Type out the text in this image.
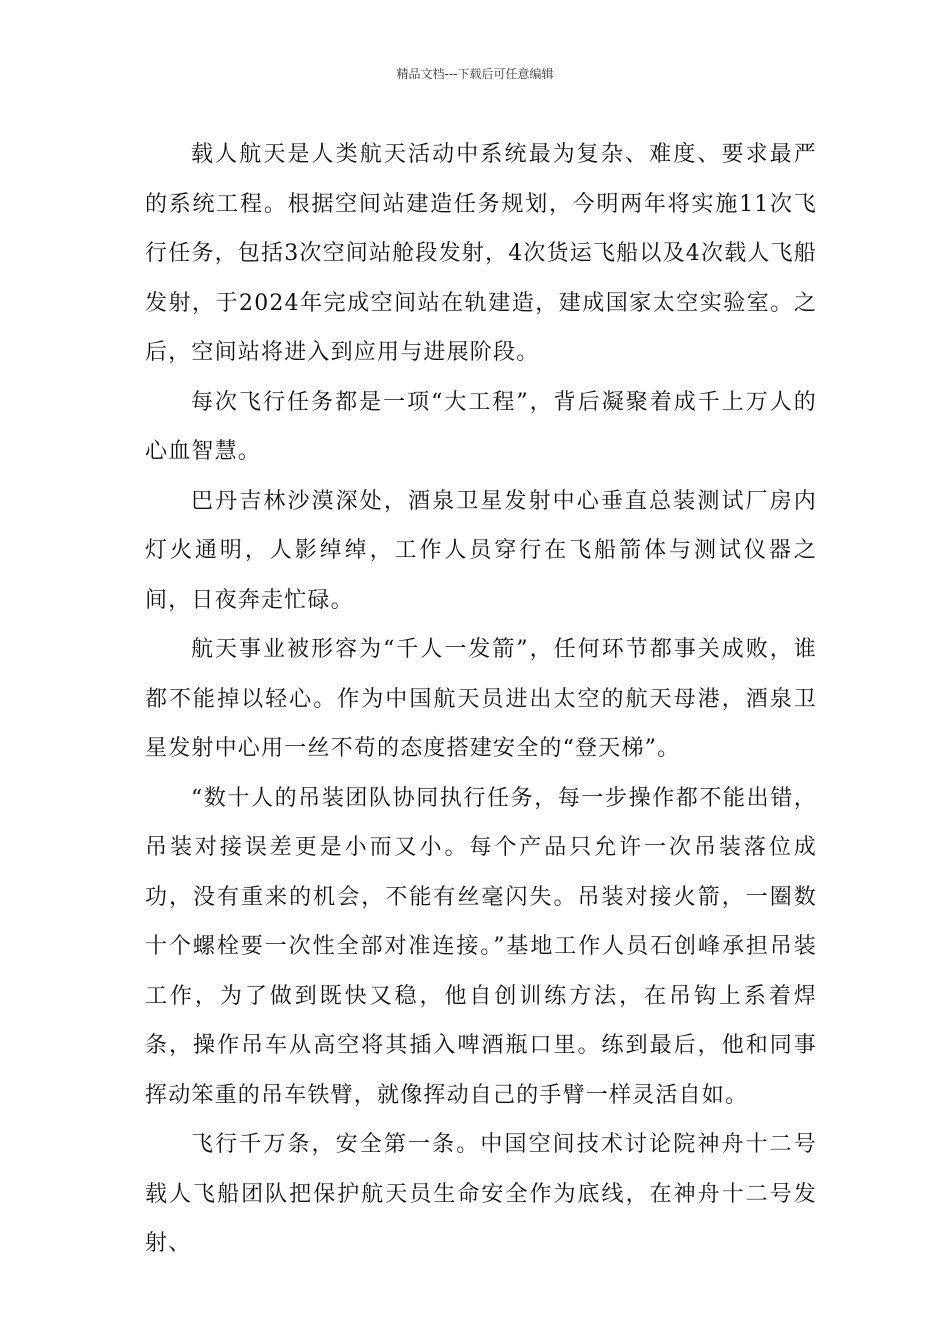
精品文档---下载后可任意编辑

载人航天是人类航天活动中系统最为复杂、难度、要求最严的系统工程。根据空间站建造任务规划，今明两年将实施11次飞行任务，包括3次空间站舱段发射，4次货运飞船以及4次载人飞船发射，于2024年完成空间站在轨建造，建成国家太空实验室。之后，空间站将进入到应用与进展阶段。

每次飞行任务都是一项“大工程”，背后凝聚着成千上万人的心血智慧。

巴丹吉林沙漠深处，酒泉卫星发射中心垂直总装测试厂房内灯火通明，人影绰绰，工作人员穿行在飞船箭体与测试仪器之间，日夜奔走忙碌。

航天事业被形容为“千人一发箭”，任何环节都事关成败，谁都不能掉以轻心。作为中国航天员进出太空的航天母港，酒泉卫星发射中心用一丝不苟的态度搭建安全的“登天梯”。

“数十人的吊装团队协同执行任务，每一步操作都不能出错，吊装对接误差更是小而又小。每个产品只允许一次吊装落位成功，没有重来的机会，不能有丝毫闪失。吊装对接火箭，一圈数十个螺栓要一次性全部对准连接。”基地工作人员石创峰承担吊装工作，为了做到既快又稳，他自创训练方法，在吊钩上系着焊条，操作吊车从高空将其插入啤酒瓶口里。练到最后，他和同事挥动笨重的吊车铁臂，就像挥动自己的手臂一样灵活自如。

飞行千万条，安全第一条。中国空间技术讨论院神舟十二号载人飞船团队把保护航天员生命安全作为底线，在神舟十二号发射、
